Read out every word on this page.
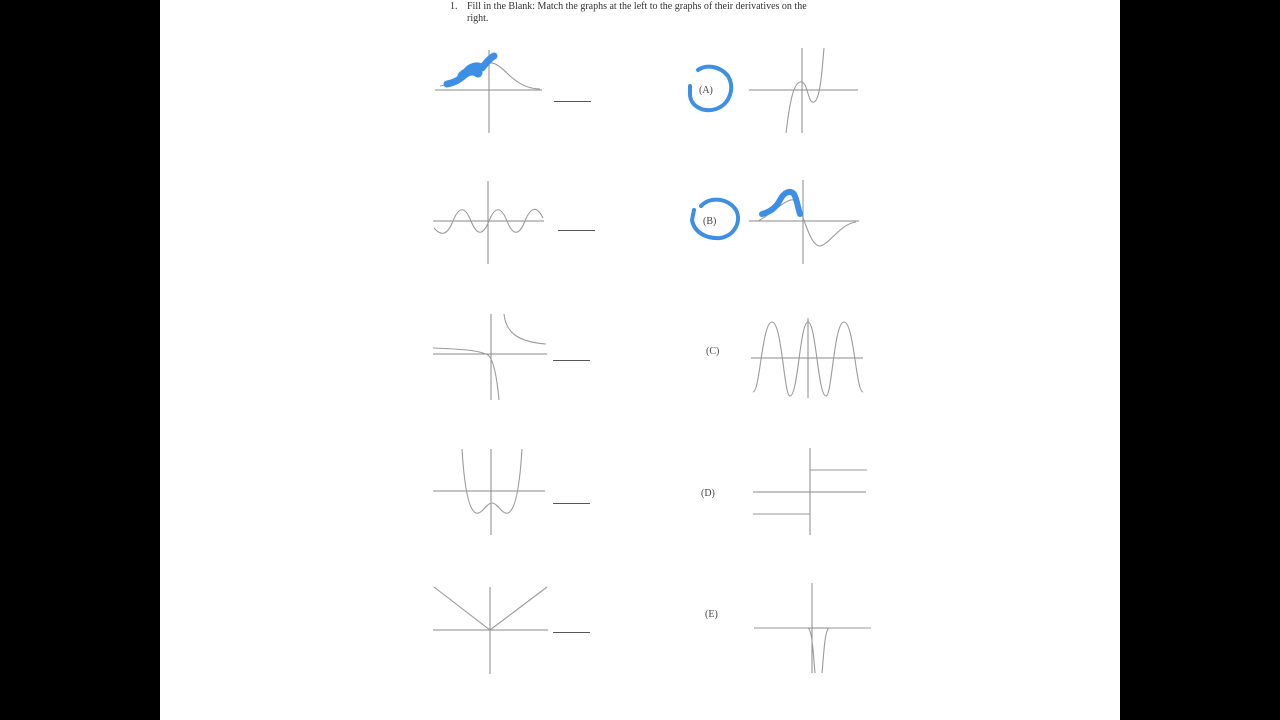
1. Fill in the Blank: Match the graphs at the left to the graphs of their derivatives on the
right.
(A)
(B)
(C)
(D)
(E)
